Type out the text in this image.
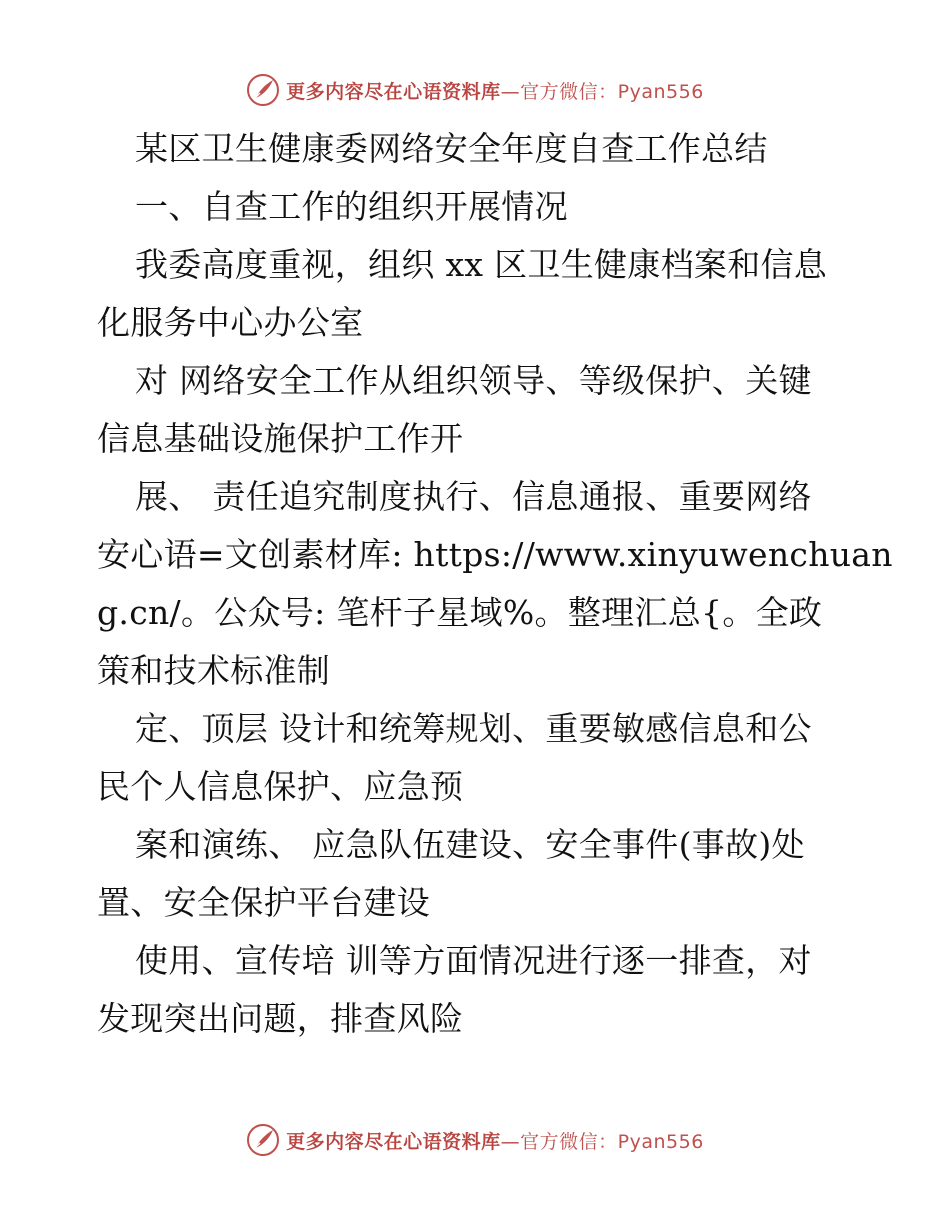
更多内容尽在心语资料库—官方微信：Pyan556
某区卫生健康委网络安全年度自查工作总结
一、自查工作的组织开展情况
我委高度重视，组织 xx 区卫生健康档案和信息
化服务中心办公室
对 网络安全工作从组织领导、等级保护、关键
信息基础设施保护工作开
展、 责任追究制度执行、信息通报、重要网络
安心语=文创素材库: https://www.xinyuwenchuan
g.cn/。公众号: 笔杆子星域%。整理汇总{。全政
策和技术标准制
定、顶层 设计和统筹规划、重要敏感信息和公
民个人信息保护、应急预
案和演练、 应急队伍建设、安全事件(事故)处
置、安全保护平台建设
使用、宣传培 训等方面情况进行逐一排查，对
发现突出问题，排查风险
更多内容尽在心语资料库—官方微信：Pyan556
